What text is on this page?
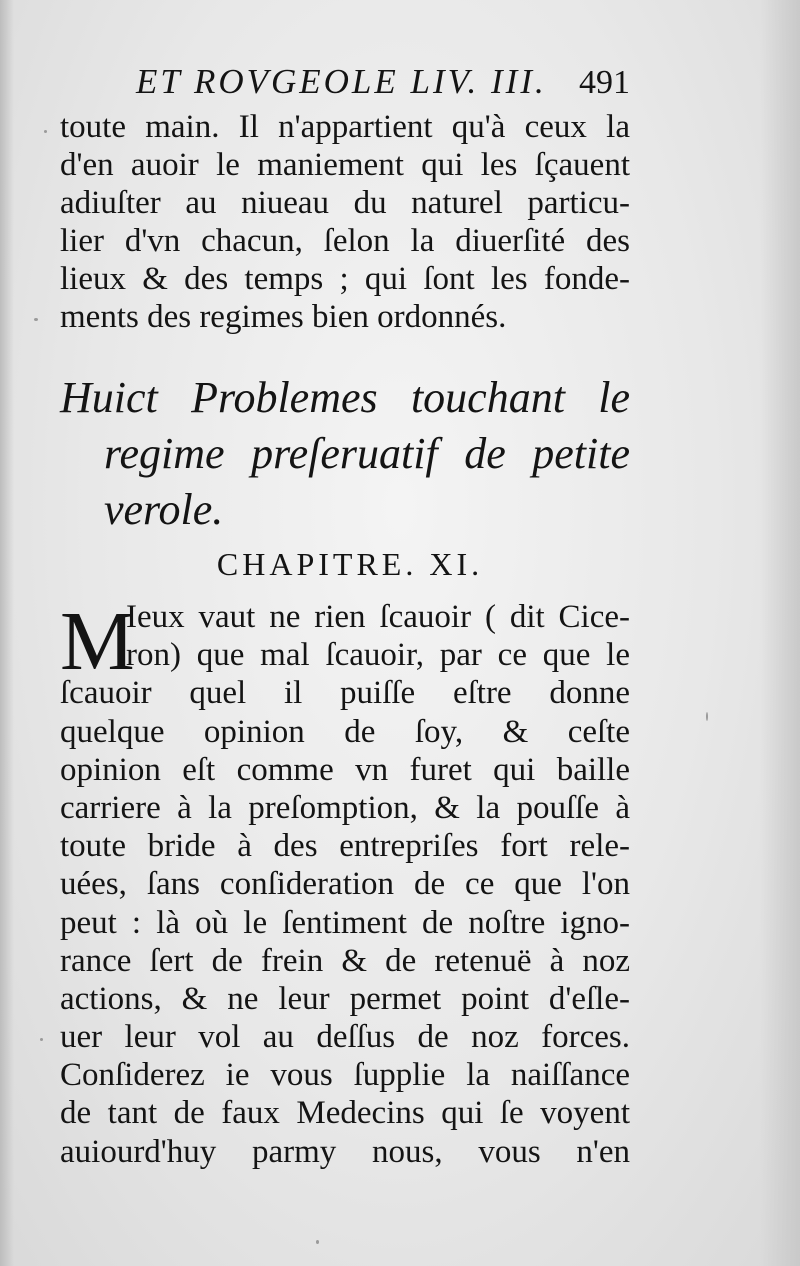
ET ROVGEOLE LIV. III. 491
toute main. Il n'appartient qu'à ceux la
d'en auoir le maniement qui les ſçauent
adiuſter au niueau du naturel particu-
lier d'vn chacun, ſelon la diuerſité des
lieux & des temps ; qui ſont les fonde-
ments des regimes bien ordonnés.
Huict Problemes touchant le
regime preſeruatif de petite
verole.
CHAPITRE. XI.
M
Ieux vaut ne rien ſcauoir ( dit Cice-
ron) que mal ſcauoir, par ce que le
ſcauoir quel il puiſſe eſtre donne
quelque opinion de ſoy, & ceſte
opinion eſt comme vn furet qui baille
carriere à la preſomption, & la pouſſe à
toute bride à des entrepriſes fort rele-
uées, ſans conſideration de ce que l'on
peut : là où le ſentiment de noſtre igno-
rance ſert de frein & de retenuë à noz
actions, & ne leur permet point d'eſle-
uer leur vol au deſſus de noz forces.
Conſiderez ie vous ſupplie la naiſſance
de tant de faux Medecins qui ſe voyent
auiourd'huy parmy nous, vous n'en
